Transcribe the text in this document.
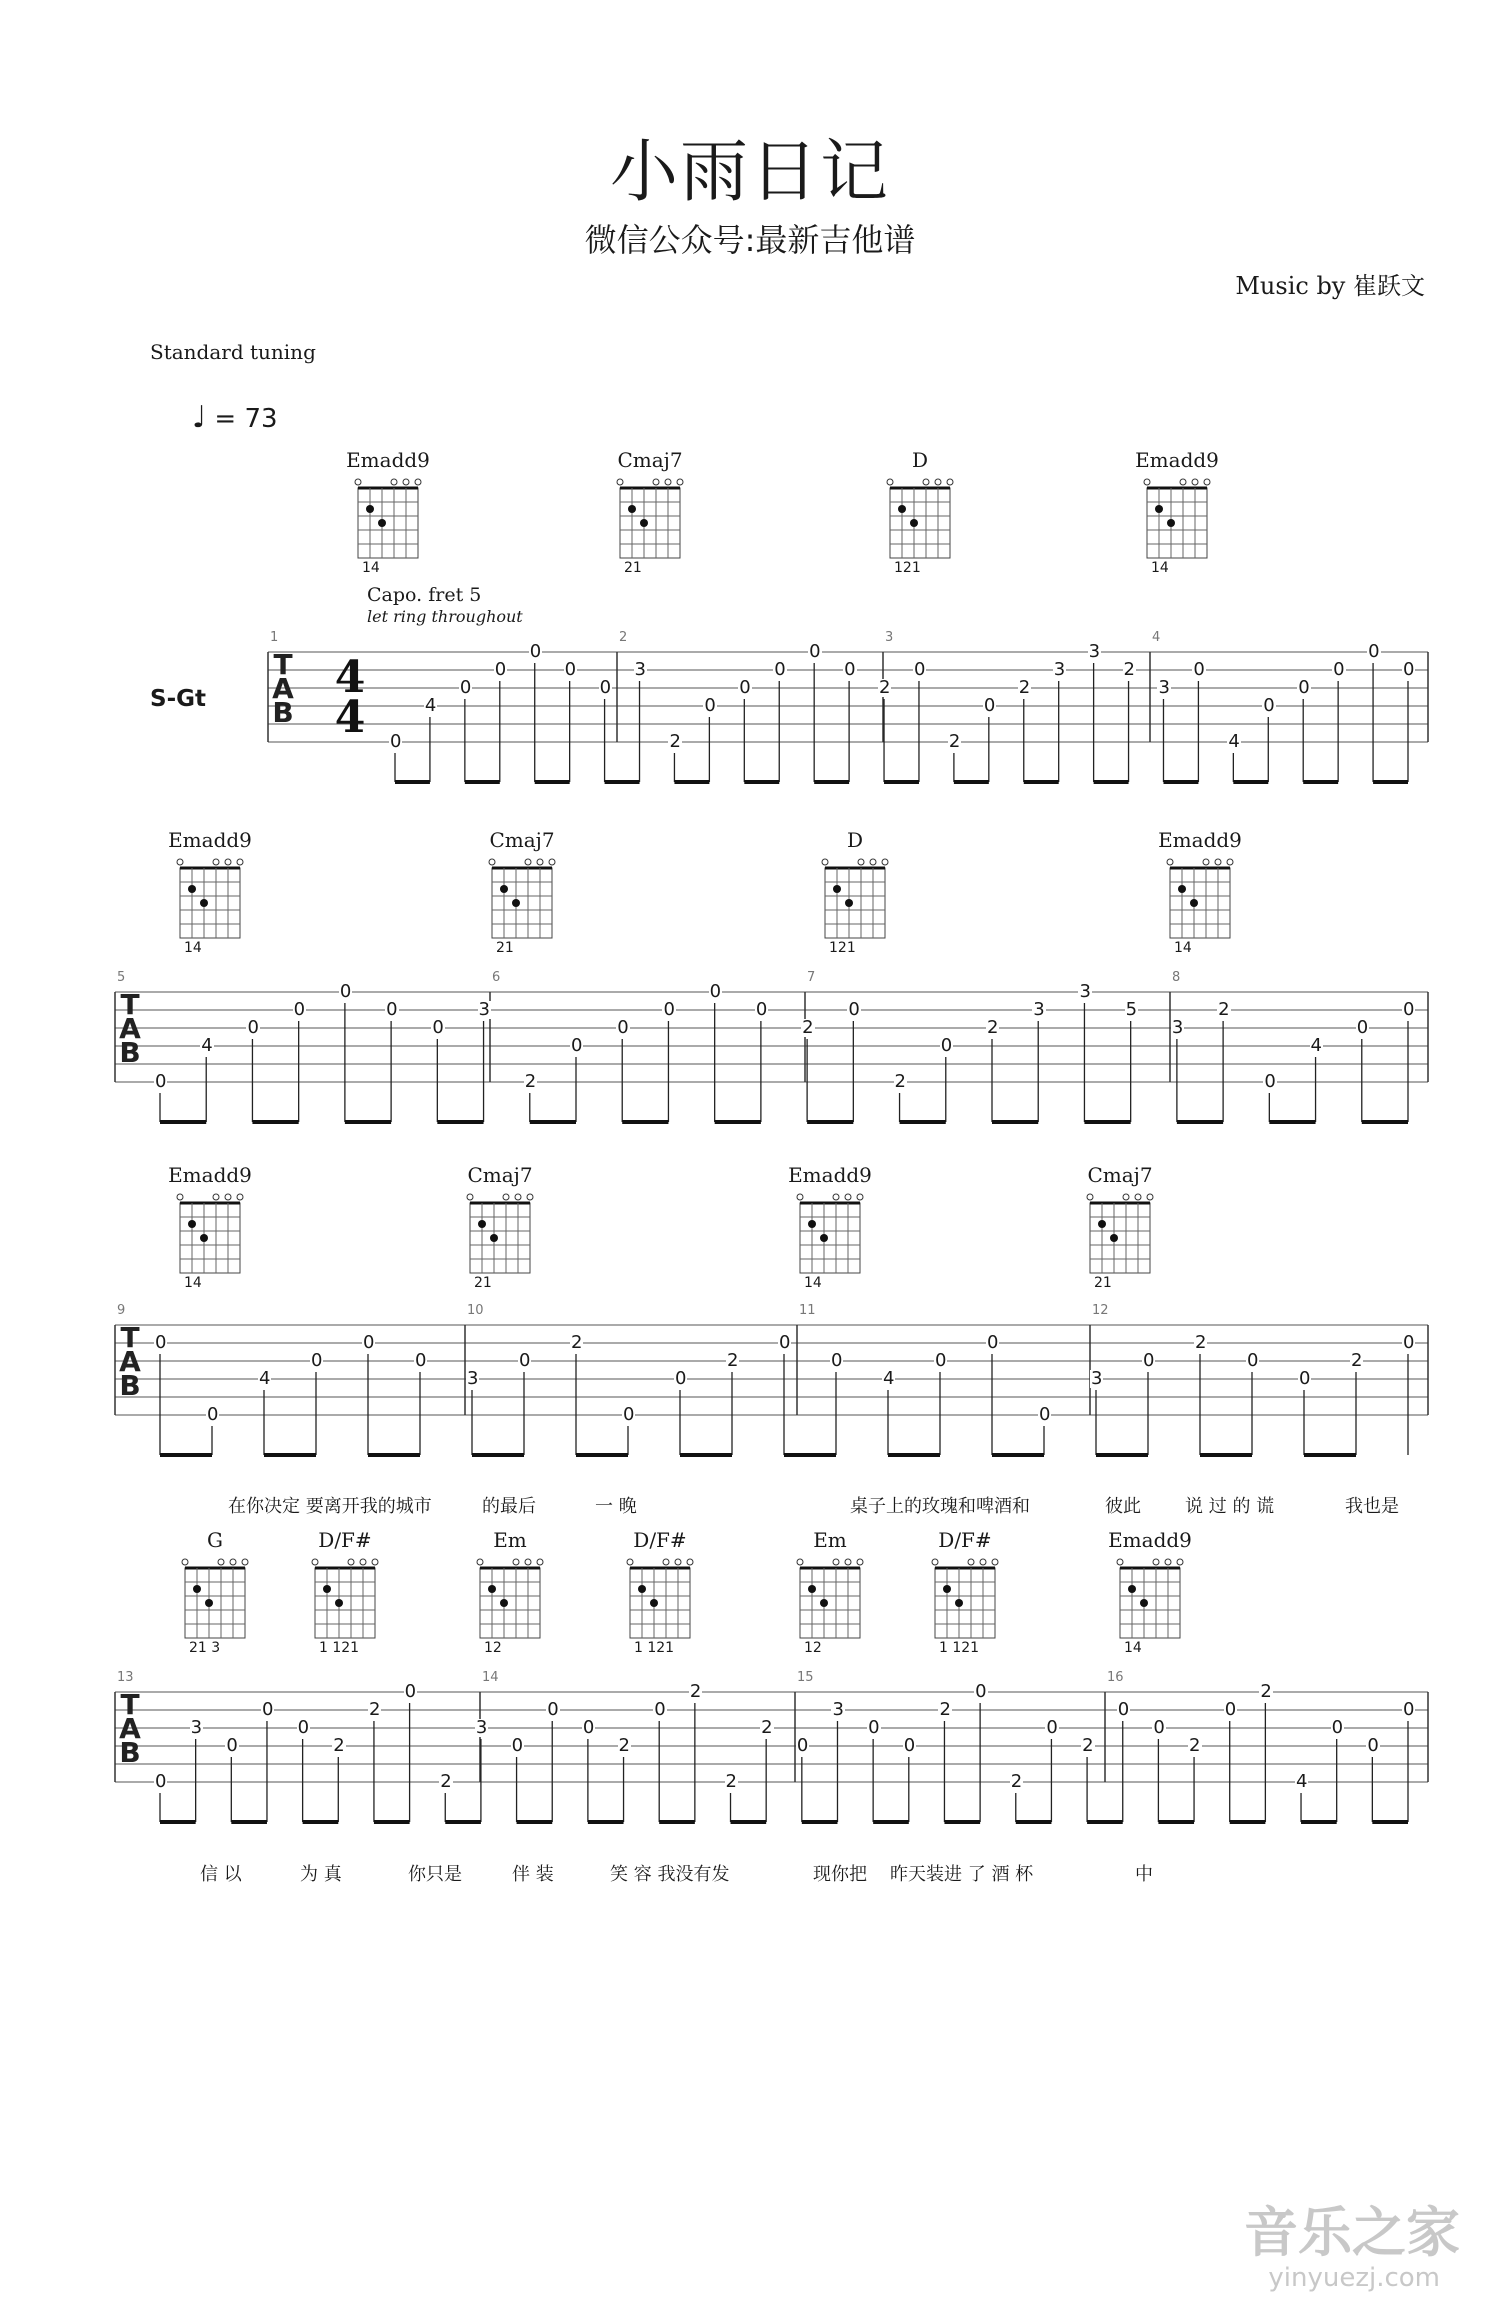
小雨日记
微信公众号:最新吉他谱
Music by 崔跃文
Standard tuning
♩ = 73
Capo. fret 5
let ring throughout
S-Gt
T
A
B
4
4
T
A
B
T
A
B
T
A
B
1	2	3	4
Emadd9
14
Cmaj7
21
D
121
Emadd9
14
5	6	7	8
Emadd9
14
Cmaj7
21
D
121
Emadd9
14
9	10	11	12
Emadd9
14
Cmaj7
21
Emadd9
14
Cmaj7
21
在你决定 要离开我的城市	的最后	一 晚	桌子上的玫瑰和啤酒和	彼此 说 过 的 谎	我也是
13	14	15	16
G
21 3
D/F#
1 121
Em
12
D/F#
1 121
Em
12
D/F#
1 121
Emadd9
14
信 以	为 真	你只是	伴 装	笑 容 我没有发	现你把 昨天装进 了 酒 杯	中
0
4
0
0
0
0
0
3
2
0
0
0
0
0
2
0
2
0
2
3
3
2
3
0
4
0
0
0
0
0
0
4
0
0
0
0
0
3
2
0
0
0
0
0
2
0
2
0
2
3
3
5
3
2
0
4
0
0
0
0
4
0
0
0
3
0
2
0
0
2
0
0
4
0
0
0
3
0
2
0
0
2
0
0
3
0
0
0
2
2
0
2
3
0
0
0
2
0
2
2
2
0
3
0
0
2
0
2
0
2
0
0
2
0
2
4
0
0
0
音乐之家
yinyuezj.com
